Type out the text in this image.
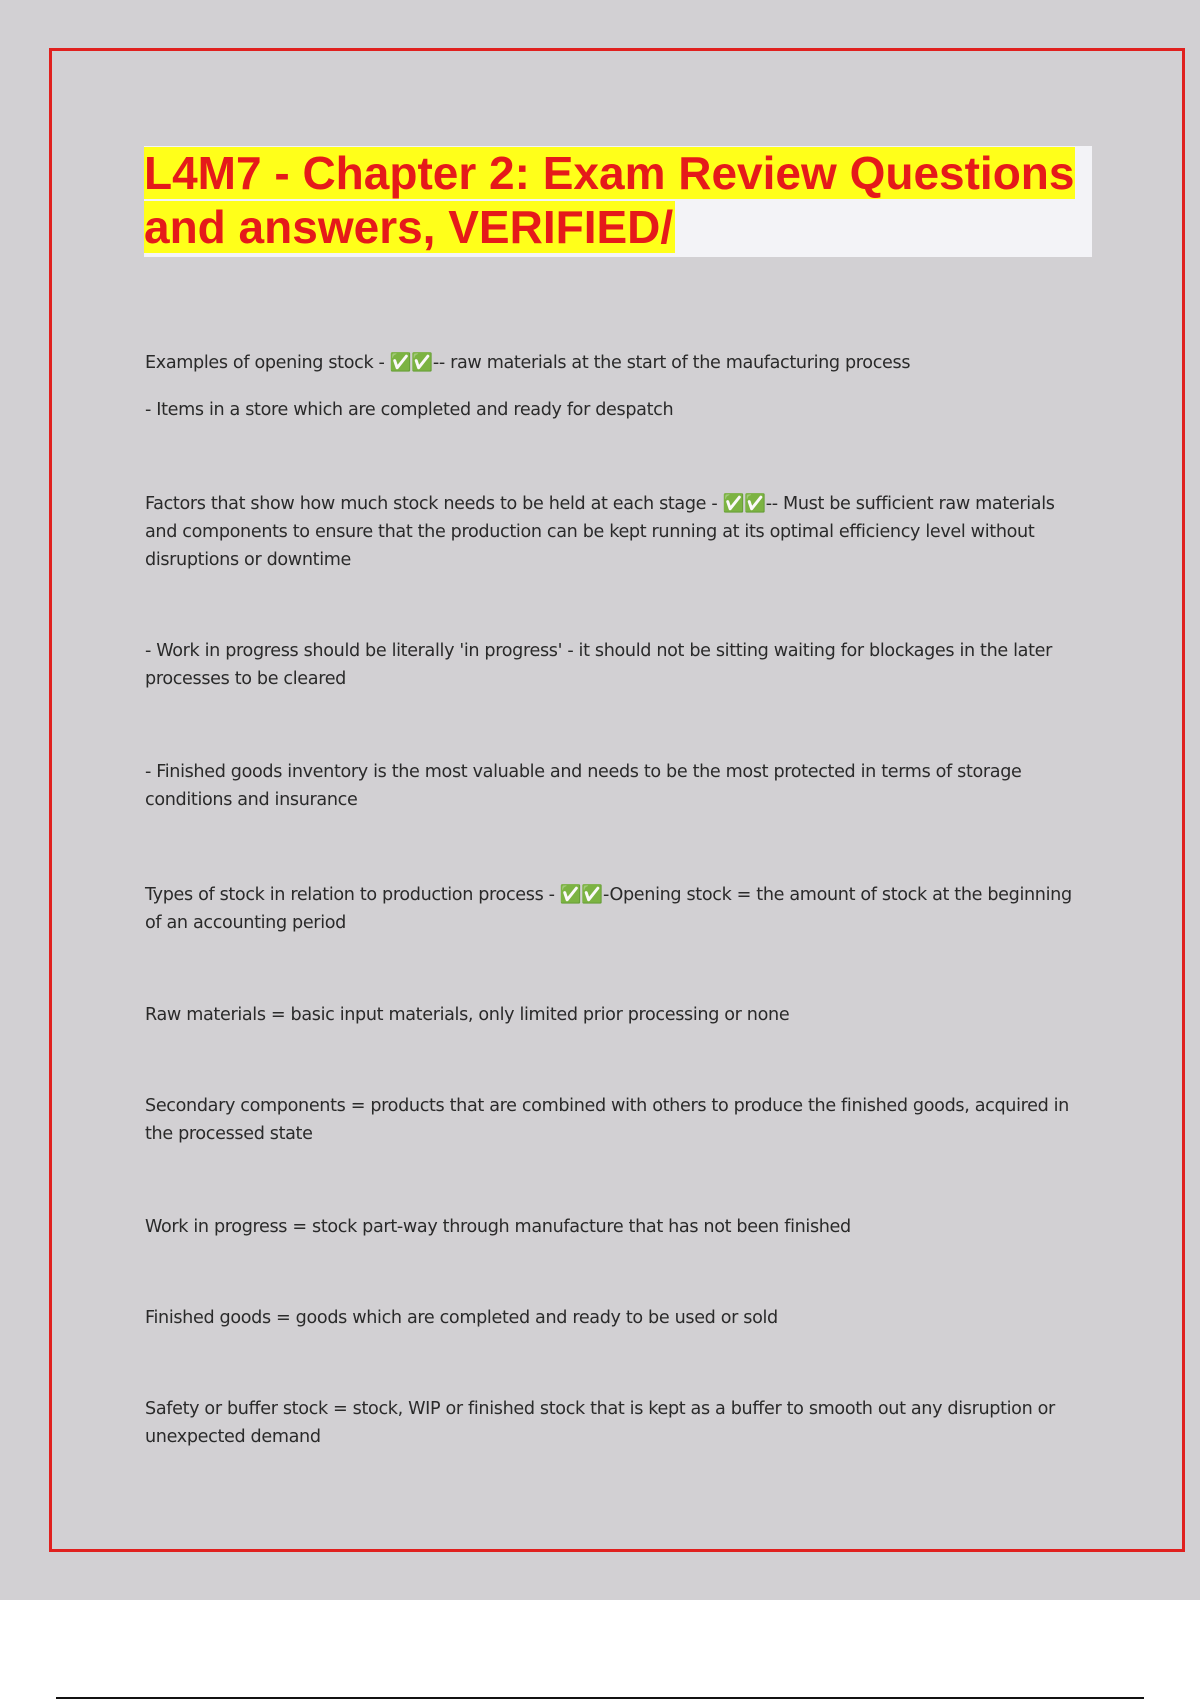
L4M7 - Chapter 2: Exam Review Questions and answers, VERIFIED/

Examples of opening stock - ✅✅-- raw materials at the start of the maufacturing process

- Items in a store which are completed and ready for despatch

Factors that show how much stock needs to be held at each stage - ✅✅-- Must be sufficient raw materials and components to ensure that the production can be kept running at its optimal efficiency level without disruptions or downtime

- Work in progress should be literally 'in progress' - it should not be sitting waiting for blockages in the later processes to be cleared

- Finished goods inventory is the most valuable and needs to be the most protected in terms of storage conditions and insurance

Types of stock in relation to production process - ✅✅-Opening stock = the amount of stock at the beginning of an accounting period

Raw materials = basic input materials, only limited prior processing or none

Secondary components = products that are combined with others to produce the finished goods, acquired in the processed state

Work in progress = stock part-way through manufacture that has not been finished

Finished goods = goods which are completed and ready to be used or sold

Safety or buffer stock = stock, WIP or finished stock that is kept as a buffer to smooth out any disruption or unexpected demand
